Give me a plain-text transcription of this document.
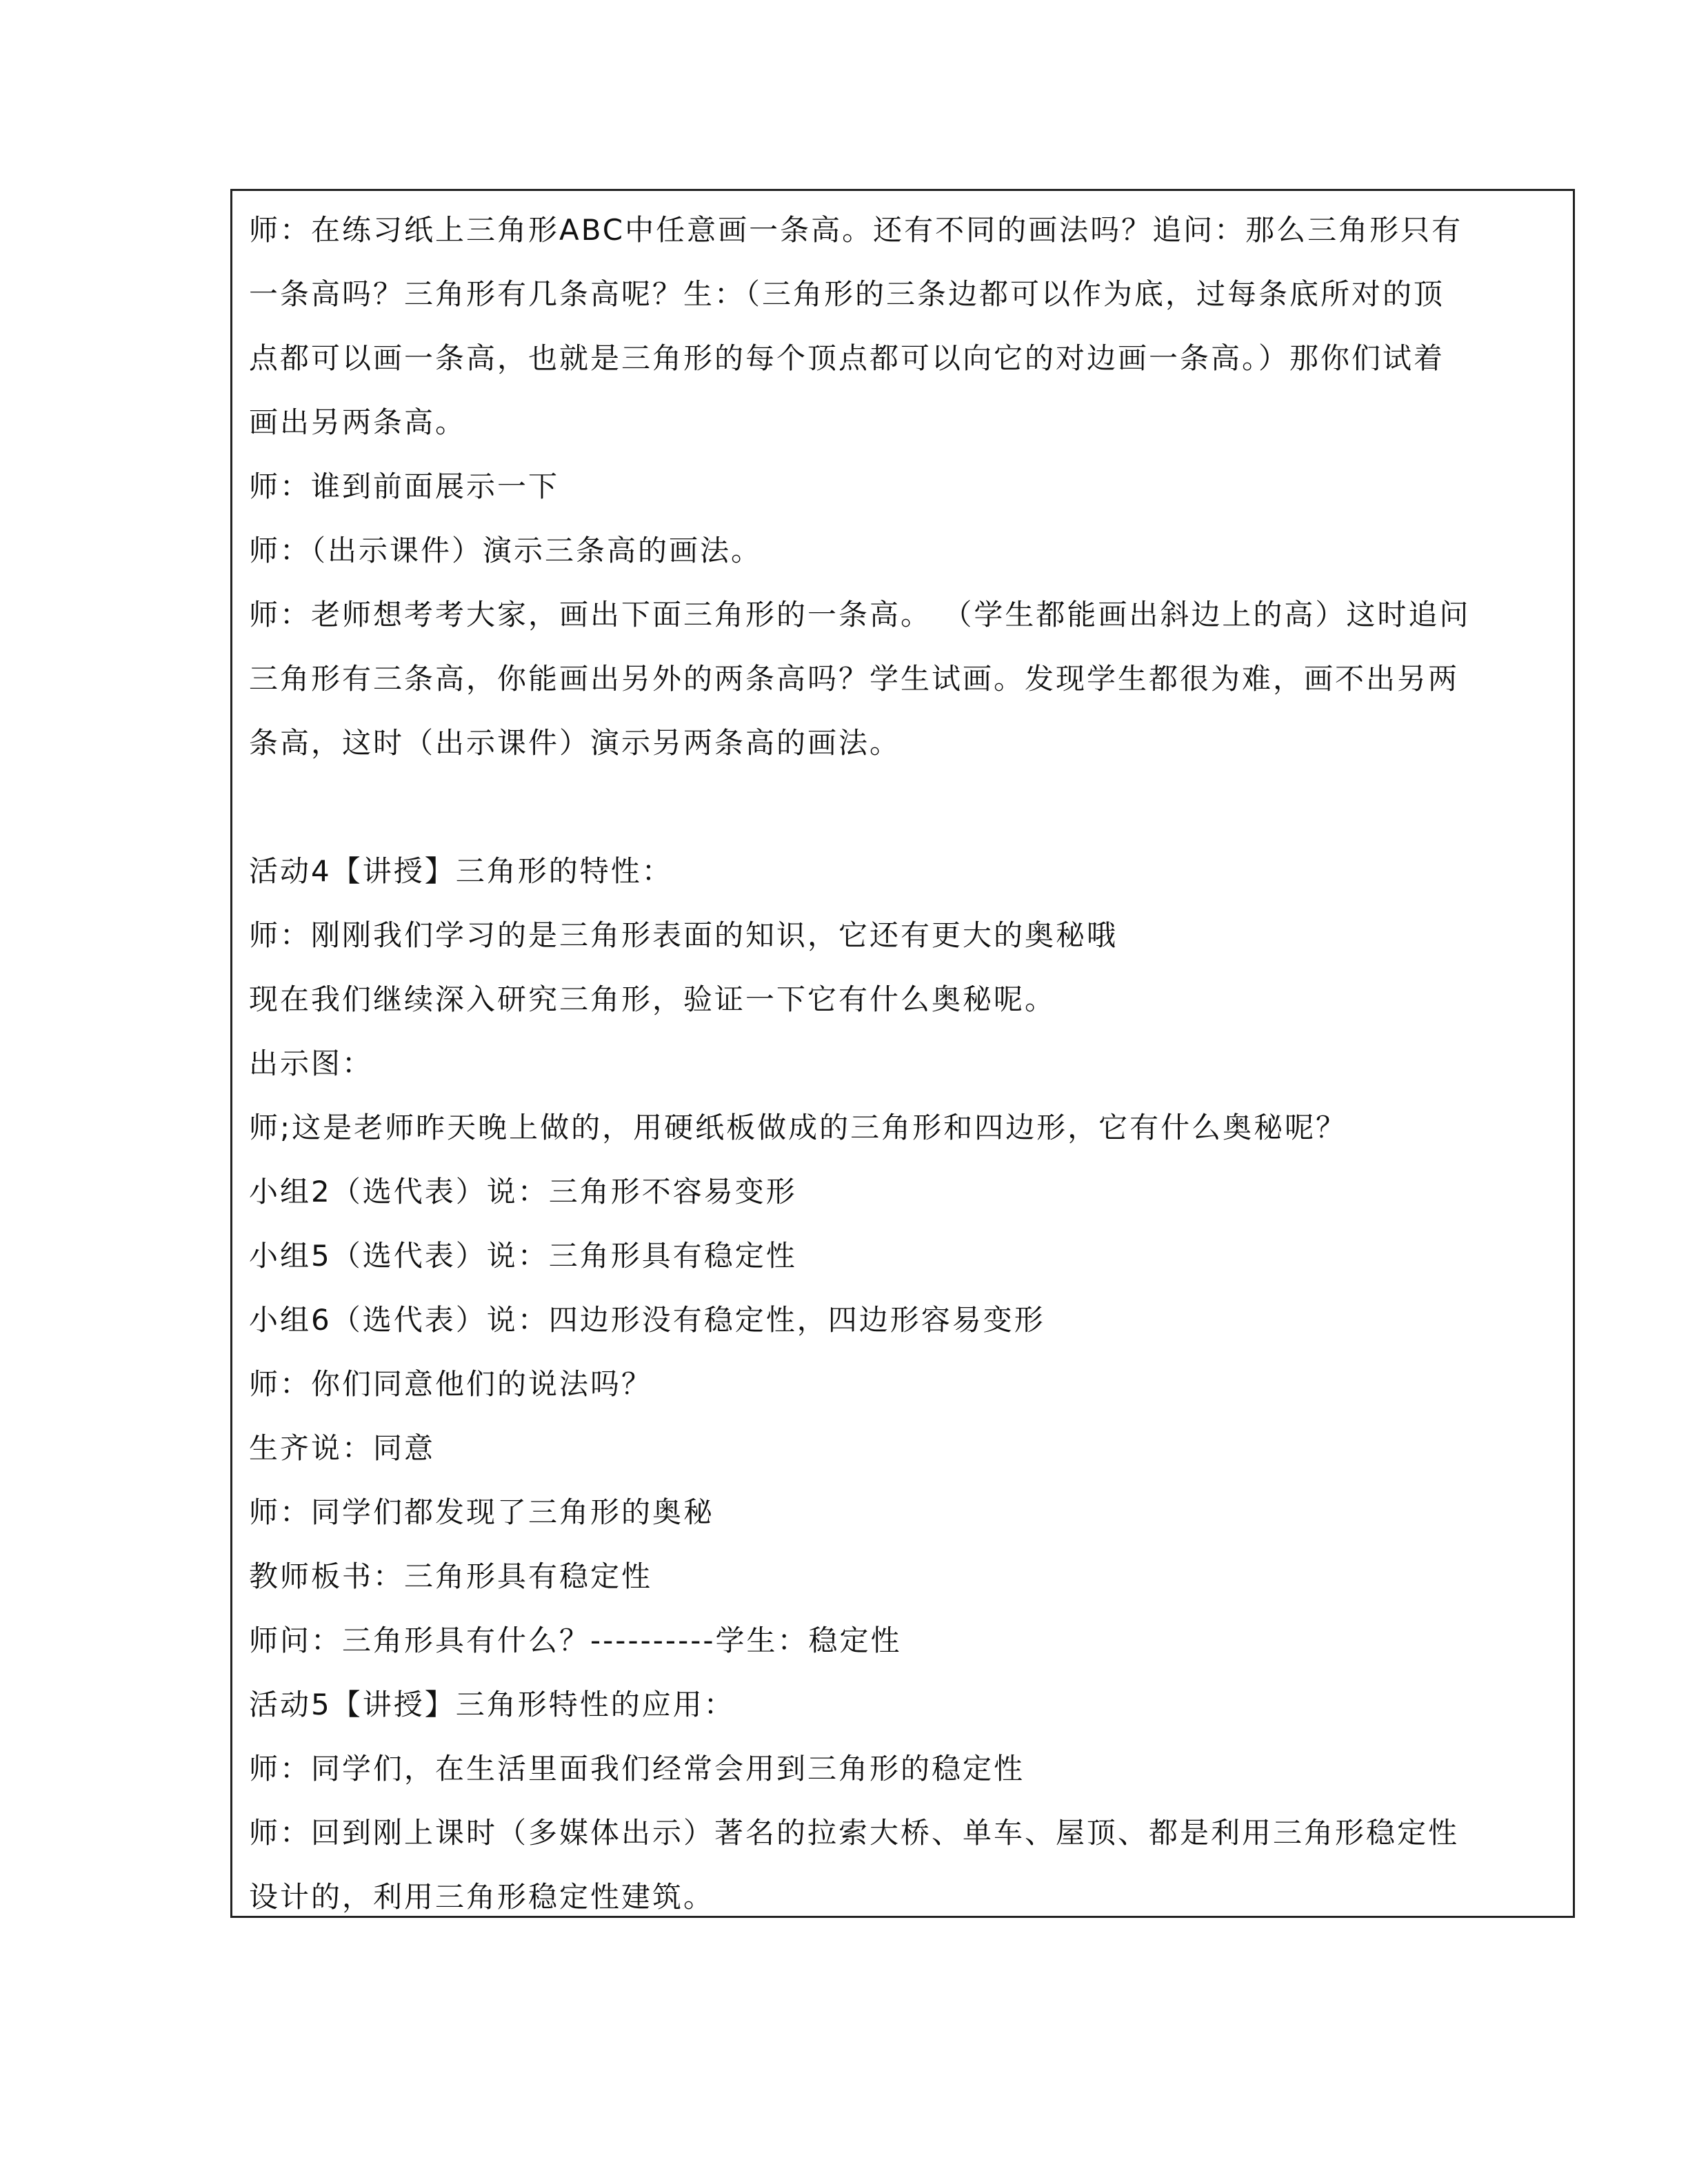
师：在练习纸上三角形ABC中任意画一条高。还有不同的画法吗？追问：那么三角形只有
一条高吗？三角形有几条高呢？生：（三角形的三条边都可以作为底，过每条底所对的顶
点都可以画一条高，也就是三角形的每个顶点都可以向它的对边画一条高。）那你们试着
画出另两条高。
师：谁到前面展示一下
师：（出示课件）演示三条高的画法。
师：老师想考考大家，画出下面三角形的一条高。 （学生都能画出斜边上的高）这时追问
三角形有三条高，你能画出另外的两条高吗？学生试画。发现学生都很为难，画不出另两
条高，这时（出示课件）演示另两条高的画法。
活动4【讲授】三角形的特性：
师：刚刚我们学习的是三角形表面的知识，它还有更大的奥秘哦
现在我们继续深入研究三角形，验证一下它有什么奥秘呢。
出示图：
师;这是老师昨天晚上做的，用硬纸板做成的三角形和四边形，它有什么奥秘呢？
小组2（选代表）说：三角形不容易变形
小组5（选代表）说：三角形具有稳定性
小组6（选代表）说：四边形没有稳定性，四边形容易变形
师：你们同意他们的说法吗？
生齐说：同意
师：同学们都发现了三角形的奥秘
教师板书：三角形具有稳定性
师问：三角形具有什么？----------学生：稳定性
活动5【讲授】三角形特性的应用：
师：同学们，在生活里面我们经常会用到三角形的稳定性
师：回到刚上课时（多媒体出示）著名的拉索大桥、单车、屋顶、都是利用三角形稳定性
设计的，利用三角形稳定性建筑。
